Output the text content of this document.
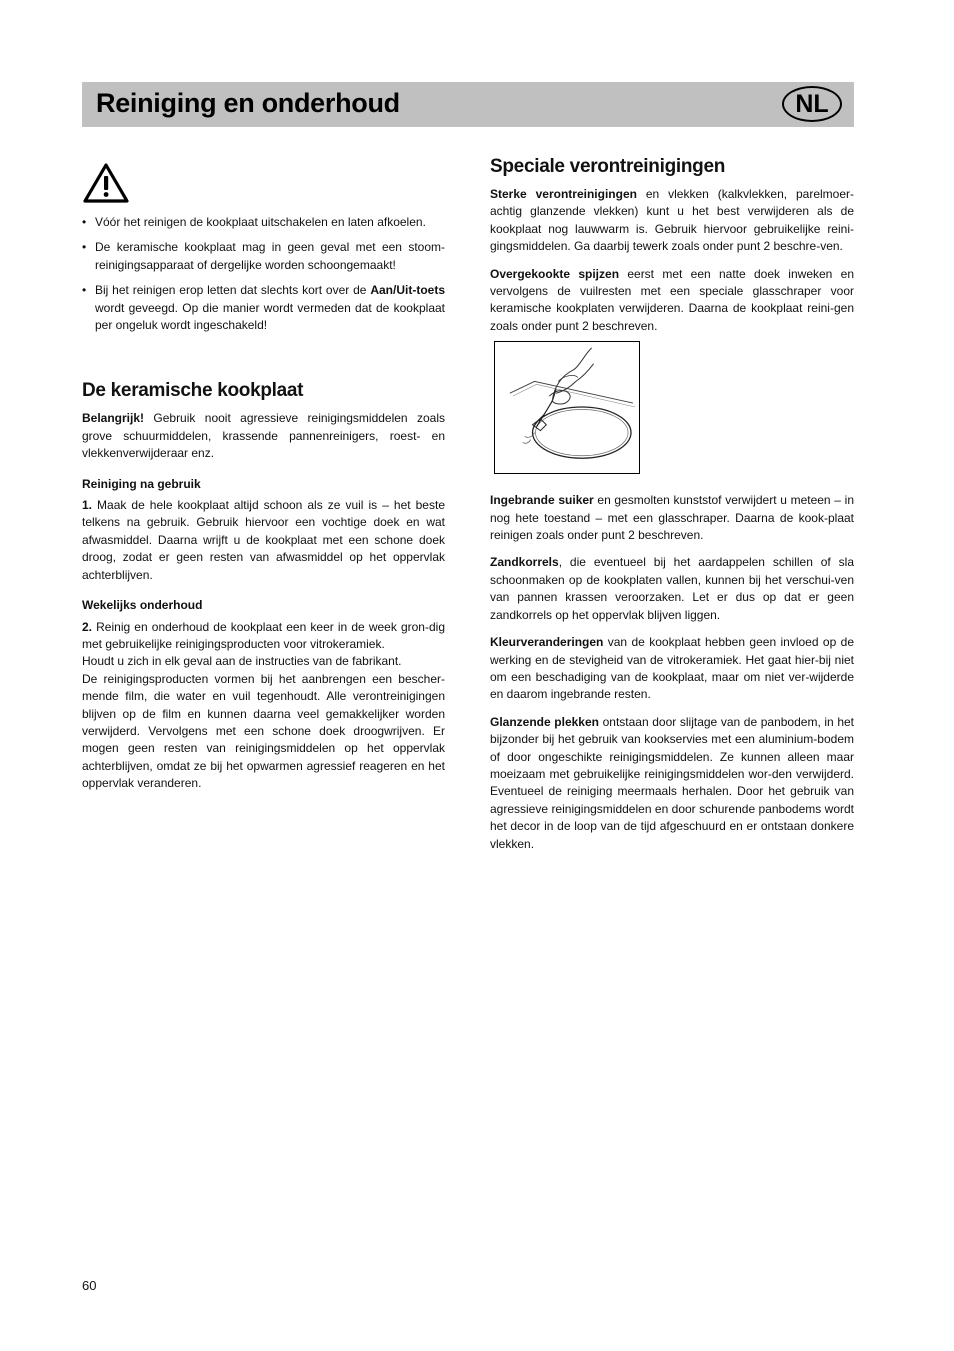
Reiniging en onderhoud	NL
• Vóór het reinigen de kookplaat uitschakelen en laten afkoelen.
• De keramische kookplaat mag in geen geval met een stoom-reinigingsapparaat of dergelijke worden schoongemaakt!
• Bij het reinigen erop letten dat slechts kort over de Aan/Uit-toets wordt geveegd. Op die manier wordt vermeden dat de kookplaat per ongeluk wordt ingeschakeld!
De keramische kookplaat

Belangrijk! Gebruik nooit agressieve reinigingsmiddelen zoals grove schuurmiddelen, krassende pannenreinigers, roest- en vlekkenverwijderaar enz.

Reiniging na gebruik

1. Maak de hele kookplaat altijd schoon als ze vuil is – het beste telkens na gebruik. Gebruik hiervoor een vochtige doek en wat afwasmiddel. Daarna wrijft u de kookplaat met een schone doek droog, zodat er geen resten van afwasmiddel op het oppervlak achterblijven.

Wekelijks onderhoud

2. Reinig en onderhoud de kookplaat een keer in de week gron-dig met gebruikelijke reinigingsproducten voor vitrokeramiek.

Houdt u zich in elk geval aan de instructies van de fabrikant.

De reinigingsproducten vormen bij het aanbrengen een bescher-mende film, die water en vuil tegenhoudt. Alle verontreinigingen blijven op de film en kunnen daarna veel gemakkelijker worden verwijderd. Vervolgens met een schone doek droogwrijven. Er mogen geen resten van reinigingsmiddelen op het oppervlak achterblijven, omdat ze bij het opwarmen agressief reageren en het oppervlak veranderen.

Speciale verontreinigingen

Sterke verontreinigingen en vlekken (kalkvlekken, parelmoer-achtig glanzende vlekken) kunt u het best verwijderen als de kookplaat nog lauwwarm is. Gebruik hiervoor gebruikelijke reini-gingsmiddelen. Ga daarbij tewerk zoals onder punt 2 beschre-ven.

Overgekookte spijzen eerst met een natte doek inweken en vervolgens de vuilresten met een speciale glasschraper voor keramische kookplaten verwijderen. Daarna de kookplaat reini-gen zoals onder punt 2 beschreven.

Ingebrande suiker en gesmolten kunststof verwijdert u meteen – in nog hete toestand – met een glasschraper. Daarna de kook-plaat reinigen zoals onder punt 2 beschreven.

Zandkorrels, die eventueel bij het aardappelen schillen of sla schoonmaken op de kookplaten vallen, kunnen bij het verschui-ven van pannen krassen veroorzaken. Let er dus op dat er geen zandkorrels op het oppervlak blijven liggen.

Kleurveranderingen van de kookplaat hebben geen invloed op de werking en de stevigheid van de vitrokeramiek. Het gaat hier-bij niet om een beschadiging van de kookplaat, maar om niet ver-wijderde en daarom ingebrande resten.

Glanzende plekken ontstaan door slijtage van de panbodem, in het bijzonder bij het gebruik van kookservies met een aluminium-bodem of door ongeschikte reinigingsmiddelen. Ze kunnen alleen maar moeizaam met gebruikelijke reinigingsmiddelen wor-den verwijderd. Eventueel de reiniging meermaals herhalen. Door het gebruik van agressieve reinigingsmiddelen en door schurende panbodems wordt het decor in de loop van de tijd afgeschuurd en er ontstaan donkere vlekken.

60
